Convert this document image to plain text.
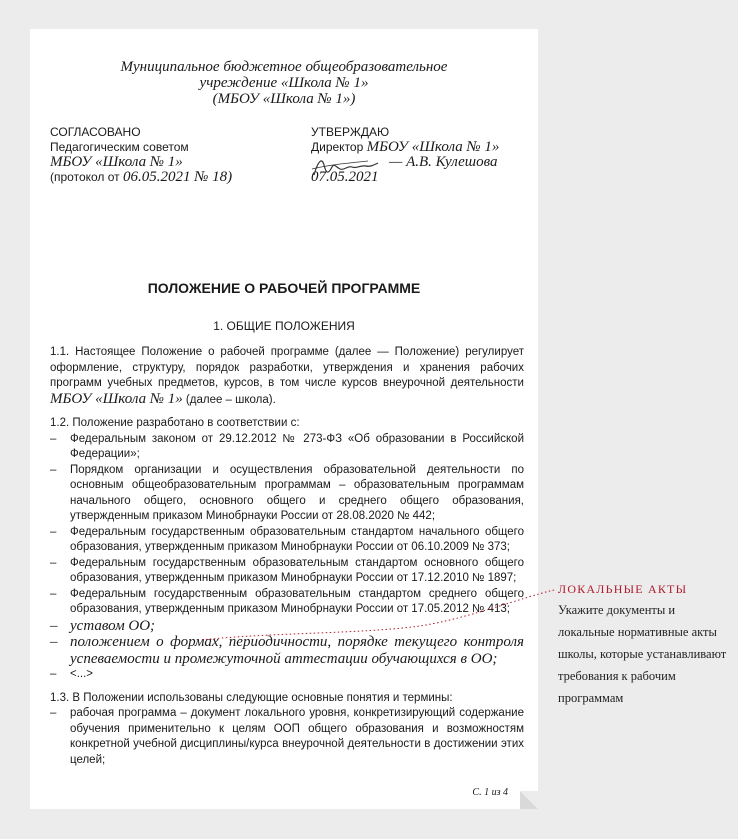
Муниципальное бюджетное общеобразовательное
учреждение «Школа № 1»
(МБОУ «Школа № 1»)
СОГЛАСОВАНО
Педагогическим советом
МБОУ «Школа № 1»
(протокол от 06.05.2021 № 18)
УТВЕРЖДАЮ
Директор МБОУ «Школа № 1»
— А.В. Кулешова
07.05.2021
ПОЛОЖЕНИЕ О РАБОЧЕЙ ПРОГРАММЕ
1. ОБЩИЕ ПОЛОЖЕНИЯ

1.1. Настоящее Положение о рабочей программе (далее — Положение) регулирует оформление, структуру, порядок разработки, утверждения и хранения рабочих программ учебных предметов, курсов, в том числе курсов внеурочной деятельности МБОУ «Школа № 1» (далее – школа).

1.2. Положение разработано в соответствии с:

– Федеральным законом от 29.12.2012 № 273-ФЗ «Об образовании в Российской Федерации»;
– Порядком организации и осуществления образовательной деятельности по основным общеобразовательным программам – образовательным программам начального общего, основного общего и среднего общего образования, утвержденным приказом Минобрнауки России от 28.08.2020 № 442;
– Федеральным государственным образовательным стандартом начального общего образования, утвержденным приказом Минобрнауки России от 06.10.2009 № 373;
– Федеральным государственным образовательным стандартом основного общего образования, утвержденным приказом Минобрнауки России от 17.12.2010 № 1897;
– Федеральным государственным образовательным стандартом среднего общего образования, утвержденным приказом Минобрнауки России от 17.05.2012 № 413;
– уставом ОО;
– положением о формах, периодичности, порядке текущего контроля успеваемости и промежуточной аттестации обучающихся в ОО;
– <...>

1.3. В Положении использованы следующие основные понятия и термины:

– рабочая программа – документ локального уровня, конкретизирующий содержание обучения применительно к целям ООП общего образования и возможностям конкретной учебной дисциплины/курса внеурочной деятельности в достижении этих целей;
С. 1 из 4
ЛОКАЛЬНЫЕ АКТЫ
Укажите документы и локальные нормативные акты школы, которые устанавливают требования к рабочим программам
